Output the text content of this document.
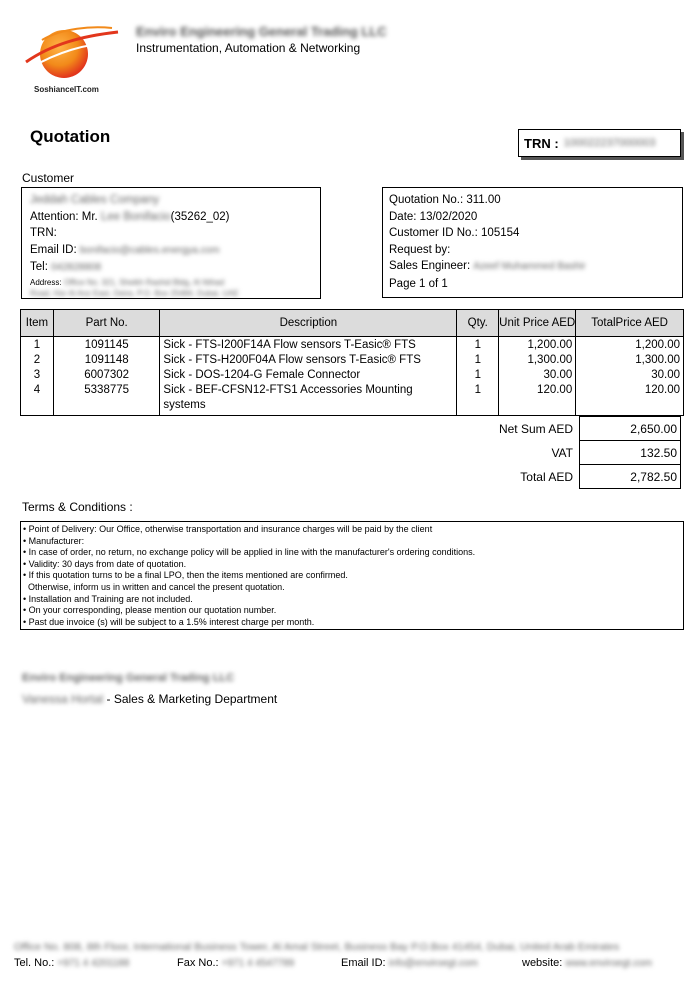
SoshianceIT.com
Enviro Engineering General Trading LLC
Instrumentation, Automation & Networking
Quotation	TRN : 100022237000003
Customer
Jeddah Cables Company
Attention: Mr. Lee Bonifacio(35262_02)
TRN:
Email ID: bonifacio@cables.energya.com
Tel: 042828808
Address: Office No. 321, Sheikh Rashid Bldg, Al Ittihad
Road, Hor Al Anz East, Deira, P.O. Box 25484, Dubai, UAE
Quotation No.: 311.00
Date: 13/02/2020
Customer ID No.: 105154
Request by:
Sales Engineer: Azeef Muhammed Bashir
Page 1 of 1
Item	Part No.	Description	Qty.	Unit Price AED	TotalPrice AED
1	1091145	Sick - FTS-I200F14A Flow sensors T-Easic® FTS	1	1,200.00	1,200.00
2	1091148	Sick - FTS-H200F04A Flow sensors T-Easic® FTS	1	1,300.00	1,300.00
3	6007302	Sick - DOS-1204-G Female Connector	1	30.00	30.00
4	5338775	Sick - BEF-CFSN12-FTS1 Accessories Mounting systems	1	120.00	120.00
Net Sum AED	2,650.00
VAT	132.50
Total AED	2,782.50
Terms & Conditions :
• Point of Delivery: Our Office, otherwise transportation and insurance charges will be paid by the client
• Manufacturer:
• In case of order, no return, no exchange policy will be applied in line with the manufacturer's ordering conditions.
• Validity: 30 days from date of quotation.
• If this quotation turns to be a final LPO, then the items mentioned are confirmed.
Otherwise, inform us in written and cancel the present quotation.
• Installation and Training are not included.
• On your corresponding, please mention our quotation number.
• Past due invoice (s) will be subject to a 1.5% interest charge per month.
Enviro Engineering General Trading LLC
Vanessa Hortal - Sales & Marketing Department
Office No. 808, 8th Floor, International Business Tower, Al Amal Street, Business Bay P.O.Box 41454, Dubai, United Arab Emirates
Tel. No.: +971 4 4201188	Fax No.: +971 4 4547789	Email ID: info@enviroegt.com	website: www.enviroegt.com
